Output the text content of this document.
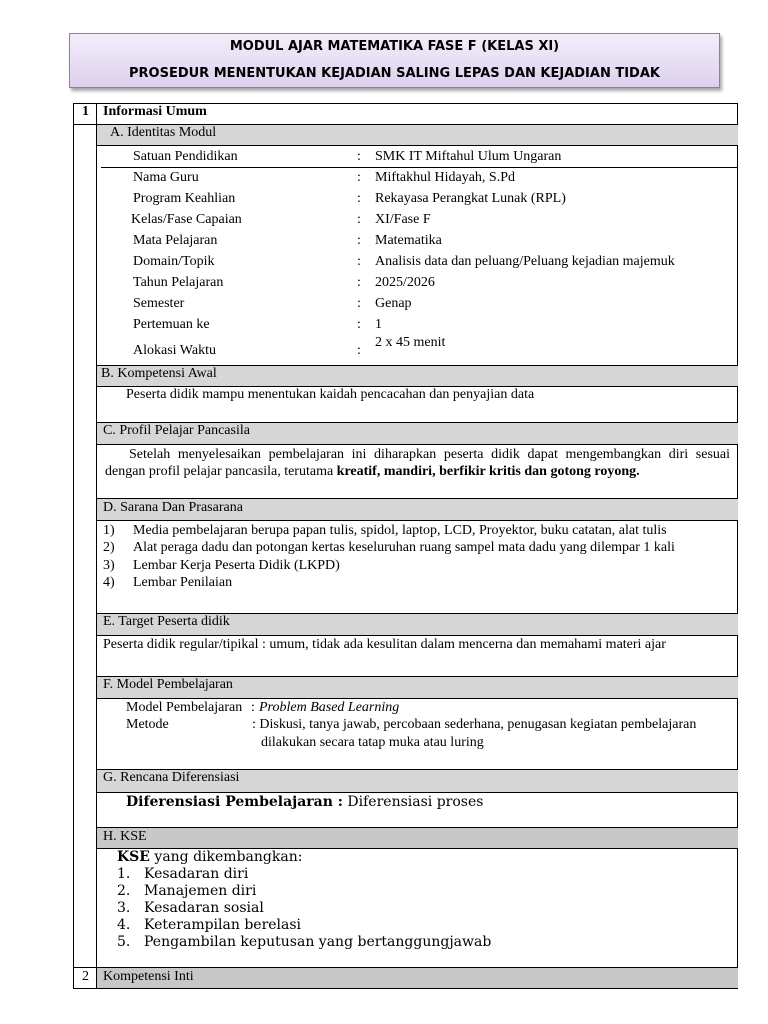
MODUL AJAR MATEMATIKA FASE F (KELAS XI)
PROSEDUR MENENTUKAN KEJADIAN SALING LEPAS DAN KEJADIAN TIDAK
1 Informasi Umum
A. Identitas Modul
Satuan Pendidikan	: SMK IT Miftahul Ulum Ungaran
Nama Guru	: Miftakhul Hidayah, S.Pd
Program Keahlian	: Rekayasa Perangkat Lunak (RPL)
Kelas/Fase Capaian	: XI/Fase F
Mata Pelajaran	: Matematika
Domain/Topik	: Analisis data dan peluang/Peluang kejadian majemuk
Tahun Pelajaran	: 2025/2026
Semester	: Genap
Pertemuan ke	: 1
Alokasi Waktu	:
2 x 45 menit
B. Kompetensi Awal
Peserta didik mampu menentukan kaidah pencacahan dan penyajian data
C. Profil Pelajar Pancasila
Setelah menyelesaikan pembelajaran ini diharapkan peserta didik dapat mengembangkan diri sesuai dengan profil pelajar pancasila, terutama kreatif, mandiri, berfikir kritis dan gotong royong.
D. Sarana Dan Prasarana
1) Media pembelajaran berupa papan tulis, spidol, laptop, LCD, Proyektor, buku catatan, alat tulis
2) Alat peraga dadu dan potongan kertas keseluruhan ruang sampel mata dadu yang dilempar 1 kali
3) Lembar Kerja Peserta Didik (LKPD)
4) Lembar Penilaian
E. Target Peserta didik
Peserta didik regular/tipikal : umum, tidak ada kesulitan dalam mencerna dan memahami materi ajar
F. Model Pembelajaran
Model Pembelajaran : Problem Based Learning
Metode	: Diskusi, tanya jawab, percobaan sederhana, penugasan kegiatan pembelajaran
dilakukan secara tatap muka atau luring
G. Rencana Diferensiasi
Diferensiasi Pembelajaran : Diferensiasi proses
H. KSE
KSE yang dikembangkan:
1. Kesadaran diri
2. Manajemen diri
3. Kesadaran sosial
4. Keterampilan berelasi
5. Pengambilan keputusan yang bertanggungjawab
2 Kompetensi Inti
